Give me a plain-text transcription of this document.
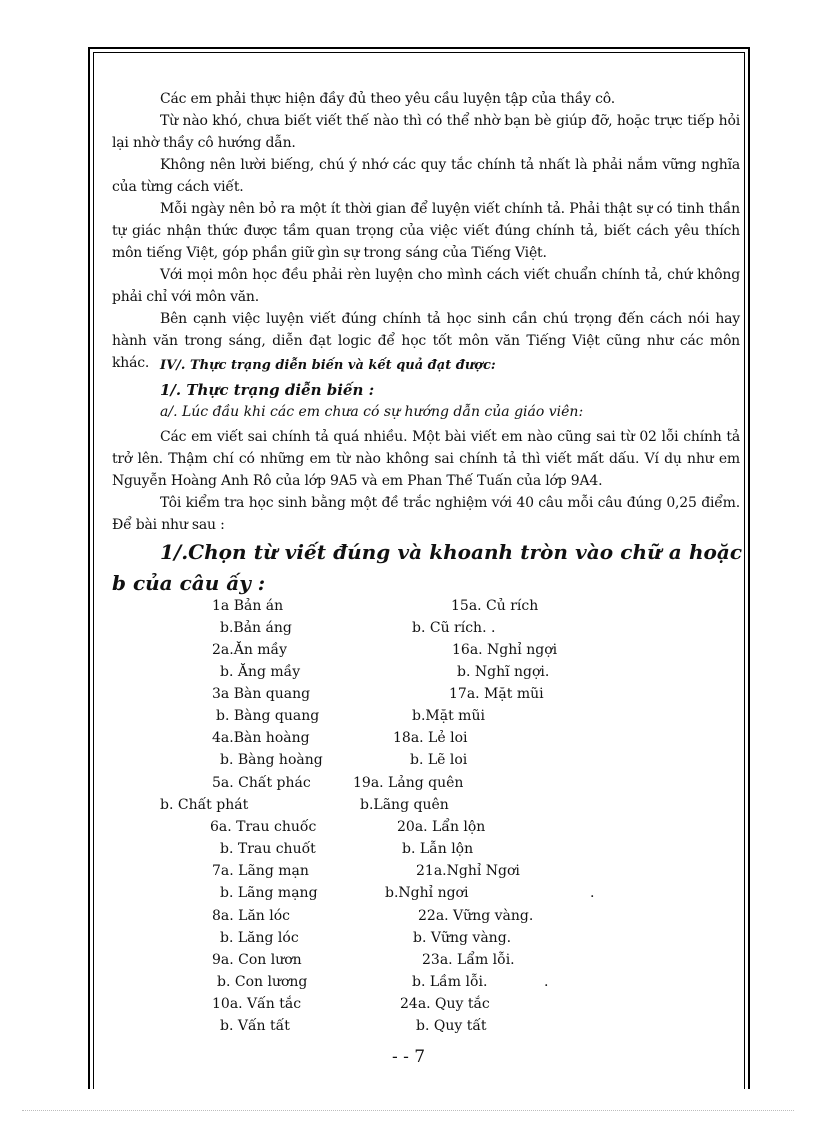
Các em phải thực hiện đầy đủ theo yêu cầu luyện tập của thầy cô.

Từ nào khó, chưa biết viết thế nào thì có thể nhờ bạn bè giúp đỡ, hoặc trực tiếp hỏi lại nhờ thầy cô hướng dẫn.

Không nên lười biếng, chú ý nhớ các quy tắc chính tả nhất là phải nắm vững nghĩa của từng cách viết.

Mỗi ngày nên bỏ ra một ít thời gian để luyện viết chính tả. Phải thật sự có tinh thần tự giác nhận thức được tầm quan trọng của việc viết đúng chính tả, biết cách yêu thích môn tiếng Việt, góp phần giữ gìn sự trong sáng của Tiếng Việt.

Với mọi môn học đều phải rèn luyện cho mình cách viết chuẩn chính tả, chứ không phải chỉ với môn văn.

Bên cạnh việc luyện viết đúng chính tả học sinh cần chú trọng đến cách nói hay hành văn trong sáng, diễn đạt logic để học tốt môn văn Tiếng Việt cũng như các môn khác. IV/. Thực trạng diễn biến và kết quả đạt được:
1/. Thực trạng diễn biến :
a/. Lúc đầu khi các em chưa có sự hướng dẫn của giáo viên:

Các em viết sai chính tả quá nhiều. Một bài viết em nào cũng sai từ 02 lỗi chính tả trở lên. Thậm chí có những em từ nào không sai chính tả thì viết mất dấu. Ví dụ như em Nguyễn Hoàng Anh Rô của lớp 9A5 và em Phan Thế Tuấn của lớp 9A4.

Tôi kiểm tra học sinh bằng một đề trắc nghiệm với 40 câu mỗi câu đúng 0,25 điểm. Để bài như sau :

1/.Chọn từ viết đúng và khoanh tròn vào chữ a hoặc b của câu ấy :
1a Bản án
b.Bản áng
2a.Ăn mầy
b. Ăng mầy
3a Bàn quang
b. Bàng quang
4a.Bàn hoàng
b. Bàng hoàng
5a. Chất phác
b. Chất phát
6a. Trau chuốc
b. Trau chuốt
7a. Lãng mạn
b. Lãng mạng
8a. Lăn lóc
b. Lăng lóc
9a. Con lươn
b. Con lương
10a. Vấn tắc
b. Vấn tất
15a. Củ rích
b. Cũ rích. .
16a. Nghỉ ngợi
b. Nghĩ ngợi.
17a. Mặt mũi
b.Mặt mũi
18a. Lẻ loi
b. Lẽ loi
19a. Lảng quên
b.Lãng quên
20a. Lẩn lộn
b. Lẫn lộn
21a.Nghỉ Ngơi
b.Nghỉ ngơi
22a. Vững vàng.
b. Vững vàng.
23a. Lẩm lỗi.
b. Lầm lỗi.
24a. Quy tắc
b. Quy tất
.
.
- - 7
